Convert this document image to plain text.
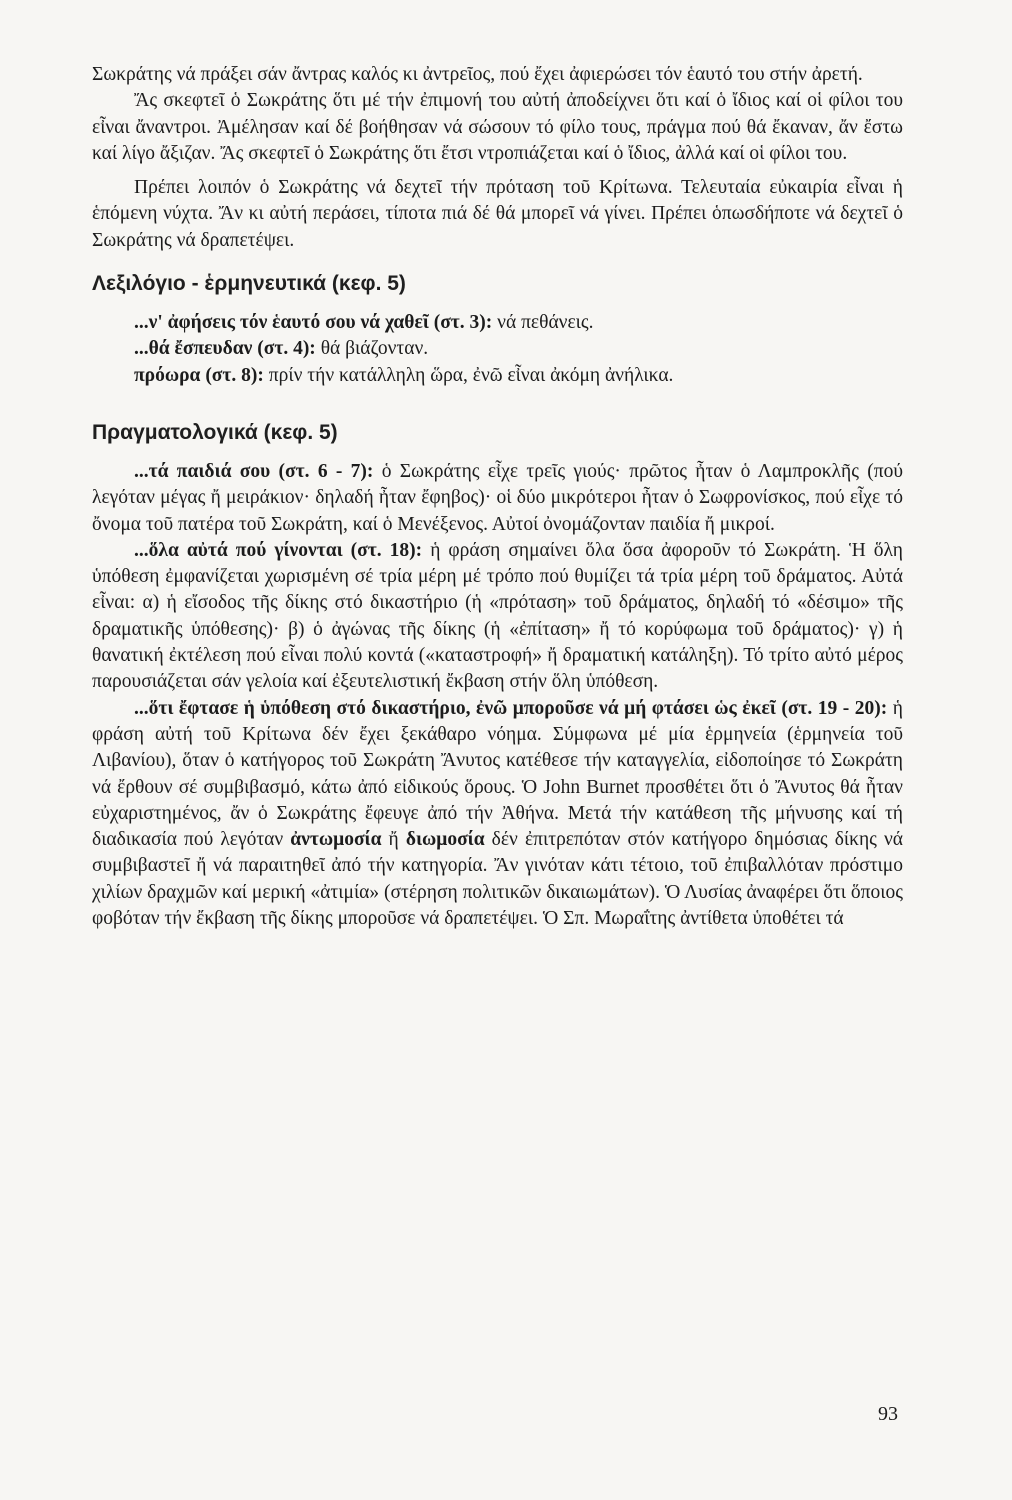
Σωκράτης νά πράξει σάν ἄντρας καλός κι ἀντρεῖος, πού ἔχει ἀφιερώσει τόν ἑαυτό του στήν ἀρετή.

Ἄς σκεφτεῖ ὁ Σωκράτης ὅτι μέ τήν ἐπιμονή του αὐτή ἀποδείχνει ὅτι καί ὁ ἴδιος καί οἱ φίλοι του εἶναι ἄναντροι. Ἀμέλησαν καί δέ βοήθησαν νά σώσουν τό φίλο τους, πράγμα πού θά ἔκαναν, ἄν ἔστω καί λίγο ἄξιζαν. Ἄς σκεφτεῖ ὁ Σωκράτης ὅτι ἔτσι ντροπιάζεται καί ὁ ἴδιος, ἀλλά καί οἱ φίλοι του.

Πρέπει λοιπόν ὁ Σωκράτης νά δεχτεῖ τήν πρόταση τοῦ Κρίτωνα. Τελευταία εὐκαιρία εἶναι ἡ ἑπόμενη νύχτα. Ἄν κι αὐτή περάσει, τίποτα πιά δέ θά μπορεῖ νά γίνει. Πρέπει ὁπωσδήποτε νά δεχτεῖ ὁ Σωκράτης νά δραπετέψει.

Λεξιλόγιο - ἑρμηνευτικά (κεφ. 5)

...ν' ἀφήσεις τόν ἑαυτό σου νά χαθεῖ (στ. 3): νά πεθάνεις.

...θά ἔσπευδαν (στ. 4): θά βιάζονταν.

πρόωρα (στ. 8): πρίν τήν κατάλληλη ὥρα, ἐνῶ εἶναι ἀκόμη ἀνήλικα.

Πραγματολογικά (κεφ. 5)

...τά παιδιά σου (στ. 6 - 7): ὁ Σωκράτης εἶχε τρεῖς γιούς· πρῶτος ἦταν ὁ Λαμπροκλῆς (πού λεγόταν μέγας ἤ μειράκιον· δηλαδή ἦταν ἔφηβος)· οἱ δύο μικρότεροι ἦταν ὁ Σωφρονίσκος, πού εἶχε τό ὄνομα τοῦ πατέρα τοῦ Σωκράτη, καί ὁ Μενέξενος. Αὐτοί ὀνομάζονταν παιδία ἤ μικροί.

...ὅλα αὐτά πού γίνονται (στ. 18): ἡ φράση σημαίνει ὅλα ὅσα ἀφοροῦν τό Σωκράτη. Ἡ ὅλη ὑπόθεση ἐμφανίζεται χωρισμένη σέ τρία μέρη μέ τρόπο πού θυμίζει τά τρία μέρη τοῦ δράματος. Αὐτά εἶναι: α) ἡ εἴσοδος τῆς δίκης στό δικαστήριο (ἡ «πρόταση» τοῦ δράματος, δηλαδή τό «δέσιμο» τῆς δραματικῆς ὑπόθεσης)· β) ὁ ἀγώνας τῆς δίκης (ἡ «ἐπίταση» ἤ τό κορύφωμα τοῦ δράματος)· γ) ἡ θανατική ἐκτέλεση πού εἶναι πολύ κοντά («καταστροφή» ἤ δραματική κατάληξη). Τό τρίτο αὐτό μέρος παρουσιάζεται σάν γελοία καί ἐξευτελιστική ἔκβαση στήν ὅλη ὑπόθεση.

...ὅτι ἔφτασε ἡ ὑπόθεση στό δικαστήριο, ἐνῶ μποροῦσε νά μή φτάσει ὡς ἐκεῖ (στ. 19 - 20): ἡ φράση αὐτή τοῦ Κρίτωνα δέν ἔχει ξεκάθαρο νόημα. Σύμφωνα μέ μία ἑρμηνεία (ἑρμηνεία τοῦ Λιβανίου), ὅταν ὁ κατήγορος τοῦ Σωκράτη Ἄνυτος κατέθεσε τήν καταγγελία, εἰδοποίησε τό Σωκράτη νά ἔρθουν σέ συμβιβασμό, κάτω ἀπό εἰδικούς ὅρους. Ὁ John Burnet προσθέτει ὅτι ὁ Ἄνυτος θά ἦταν εὐχαριστημένος, ἄν ὁ Σωκράτης ἔφευγε ἀπό τήν Ἀθήνα. Μετά τήν κατάθεση τῆς μήνυσης καί τή διαδικασία πού λεγόταν ἀντωμοσία ἤ διωμοσία δέν ἐπιτρεπόταν στόν κατήγορο δημόσιας δίκης νά συμβιβαστεῖ ἤ νά παραιτηθεῖ ἀπό τήν κατηγορία. Ἄν γινόταν κάτι τέτοιο, τοῦ ἐπιβαλλόταν πρόστιμο χιλίων δραχμῶν καί μερική «ἀτιμία» (στέρηση πολιτικῶν δικαιωμάτων). Ὁ Λυσίας ἀναφέρει ὅτι ὅποιος φοβόταν τήν ἔκβαση τῆς δίκης μποροῦσε νά δραπετέψει. Ὁ Σπ. Μωραΐτης ἀντίθετα ὑποθέτει τά

93
